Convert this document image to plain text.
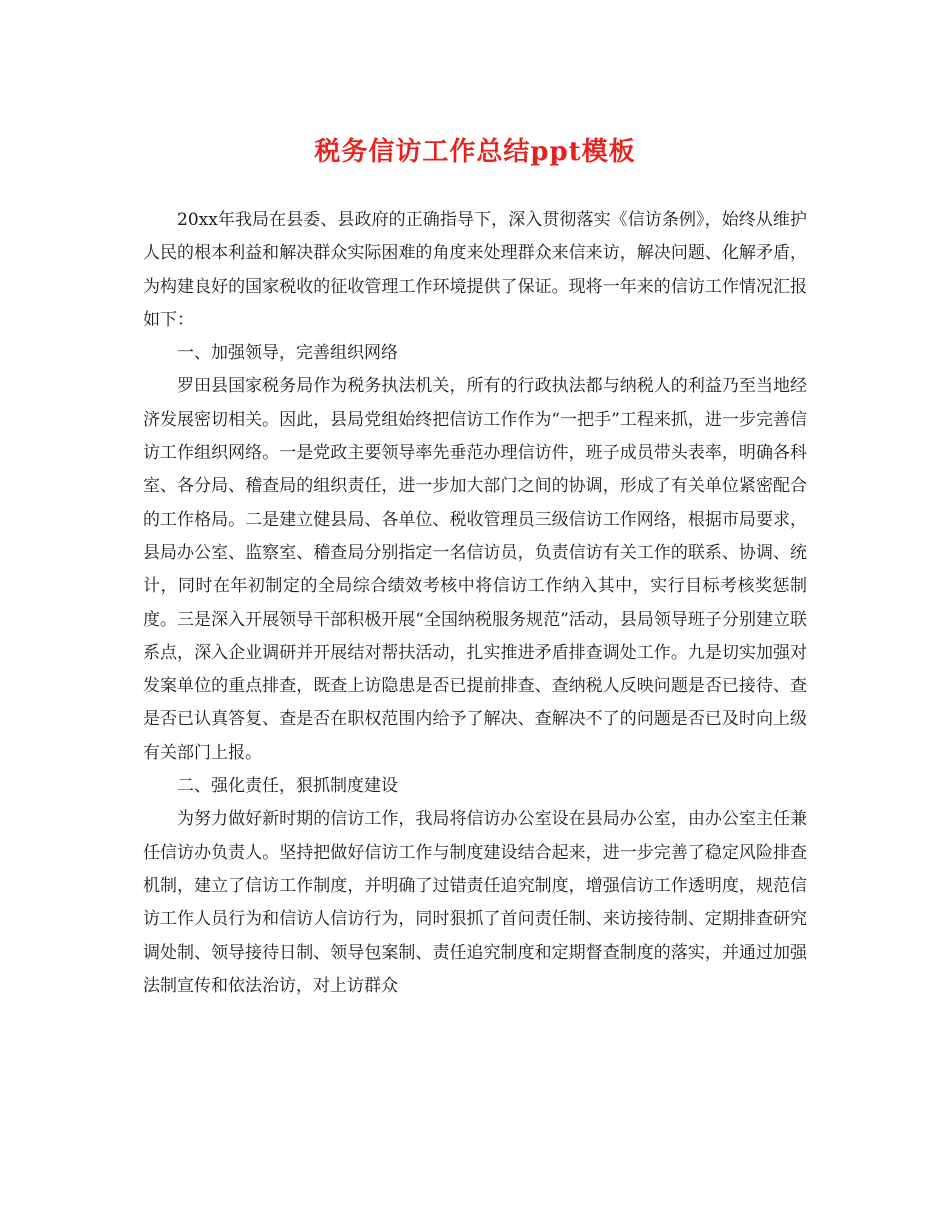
税务信访工作总结ppt模板

20xx年我局在县委、县政府的正确指导下，深入贯彻落实《信访条例》，始终从维护人民的根本利益和解决群众实际困难的角度来处理群众来信来访，解决问题、化解矛盾，为构建良好的国家税收的征收管理工作环境提供了保证。现将一年来的信访工作情况汇报如下：

一、加强领导，完善组织网络

罗田县国家税务局作为税务执法机关，所有的行政执法都与纳税人的利益乃至当地经济发展密切相关。因此，县局党组始终把信访工作作为“一把手”工程来抓，进一步完善信访工作组织网络。一是党政主要领导率先垂范办理信访件，班子成员带头表率，明确各科室、各分局、稽查局的组织责任，进一步加大部门之间的协调，形成了有关单位紧密配合的工作格局。二是建立健县局、各单位、税收管理员三级信访工作网络，根据市局要求，县局办公室、监察室、稽查局分别指定一名信访员，负责信访有关工作的联系、协调、统计，同时在年初制定的全局综合绩效考核中将信访工作纳入其中，实行目标考核奖惩制度。三是深入开展领导干部积极开展“全国纳税服务规范”活动，县局领导班子分别建立联系点，深入企业调研并开展结对帮扶活动，扎实推进矛盾排查调处工作。九是切实加强对发案单位的重点排查，既查上访隐患是否已提前排查、查纳税人反映问题是否已接待、查是否已认真答复、查是否在职权范围内给予了解决、查解决不了的问题是否已及时向上级有关部门上报。

二、强化责任，狠抓制度建设

为努力做好新时期的信访工作，我局将信访办公室设在县局办公室，由办公室主任兼任信访办负责人。坚持把做好信访工作与制度建设结合起来，进一步完善了稳定风险排查机制，建立了信访工作制度，并明确了过错责任追究制度，增强信访工作透明度，规范信访工作人员行为和信访人信访行为，同时狠抓了首问责任制、来访接待制、定期排查研究调处制、领导接待日制、领导包案制、责任追究制度和定期督查制度的落实，并通过加强法制宣传和依法治访，对上访群众
